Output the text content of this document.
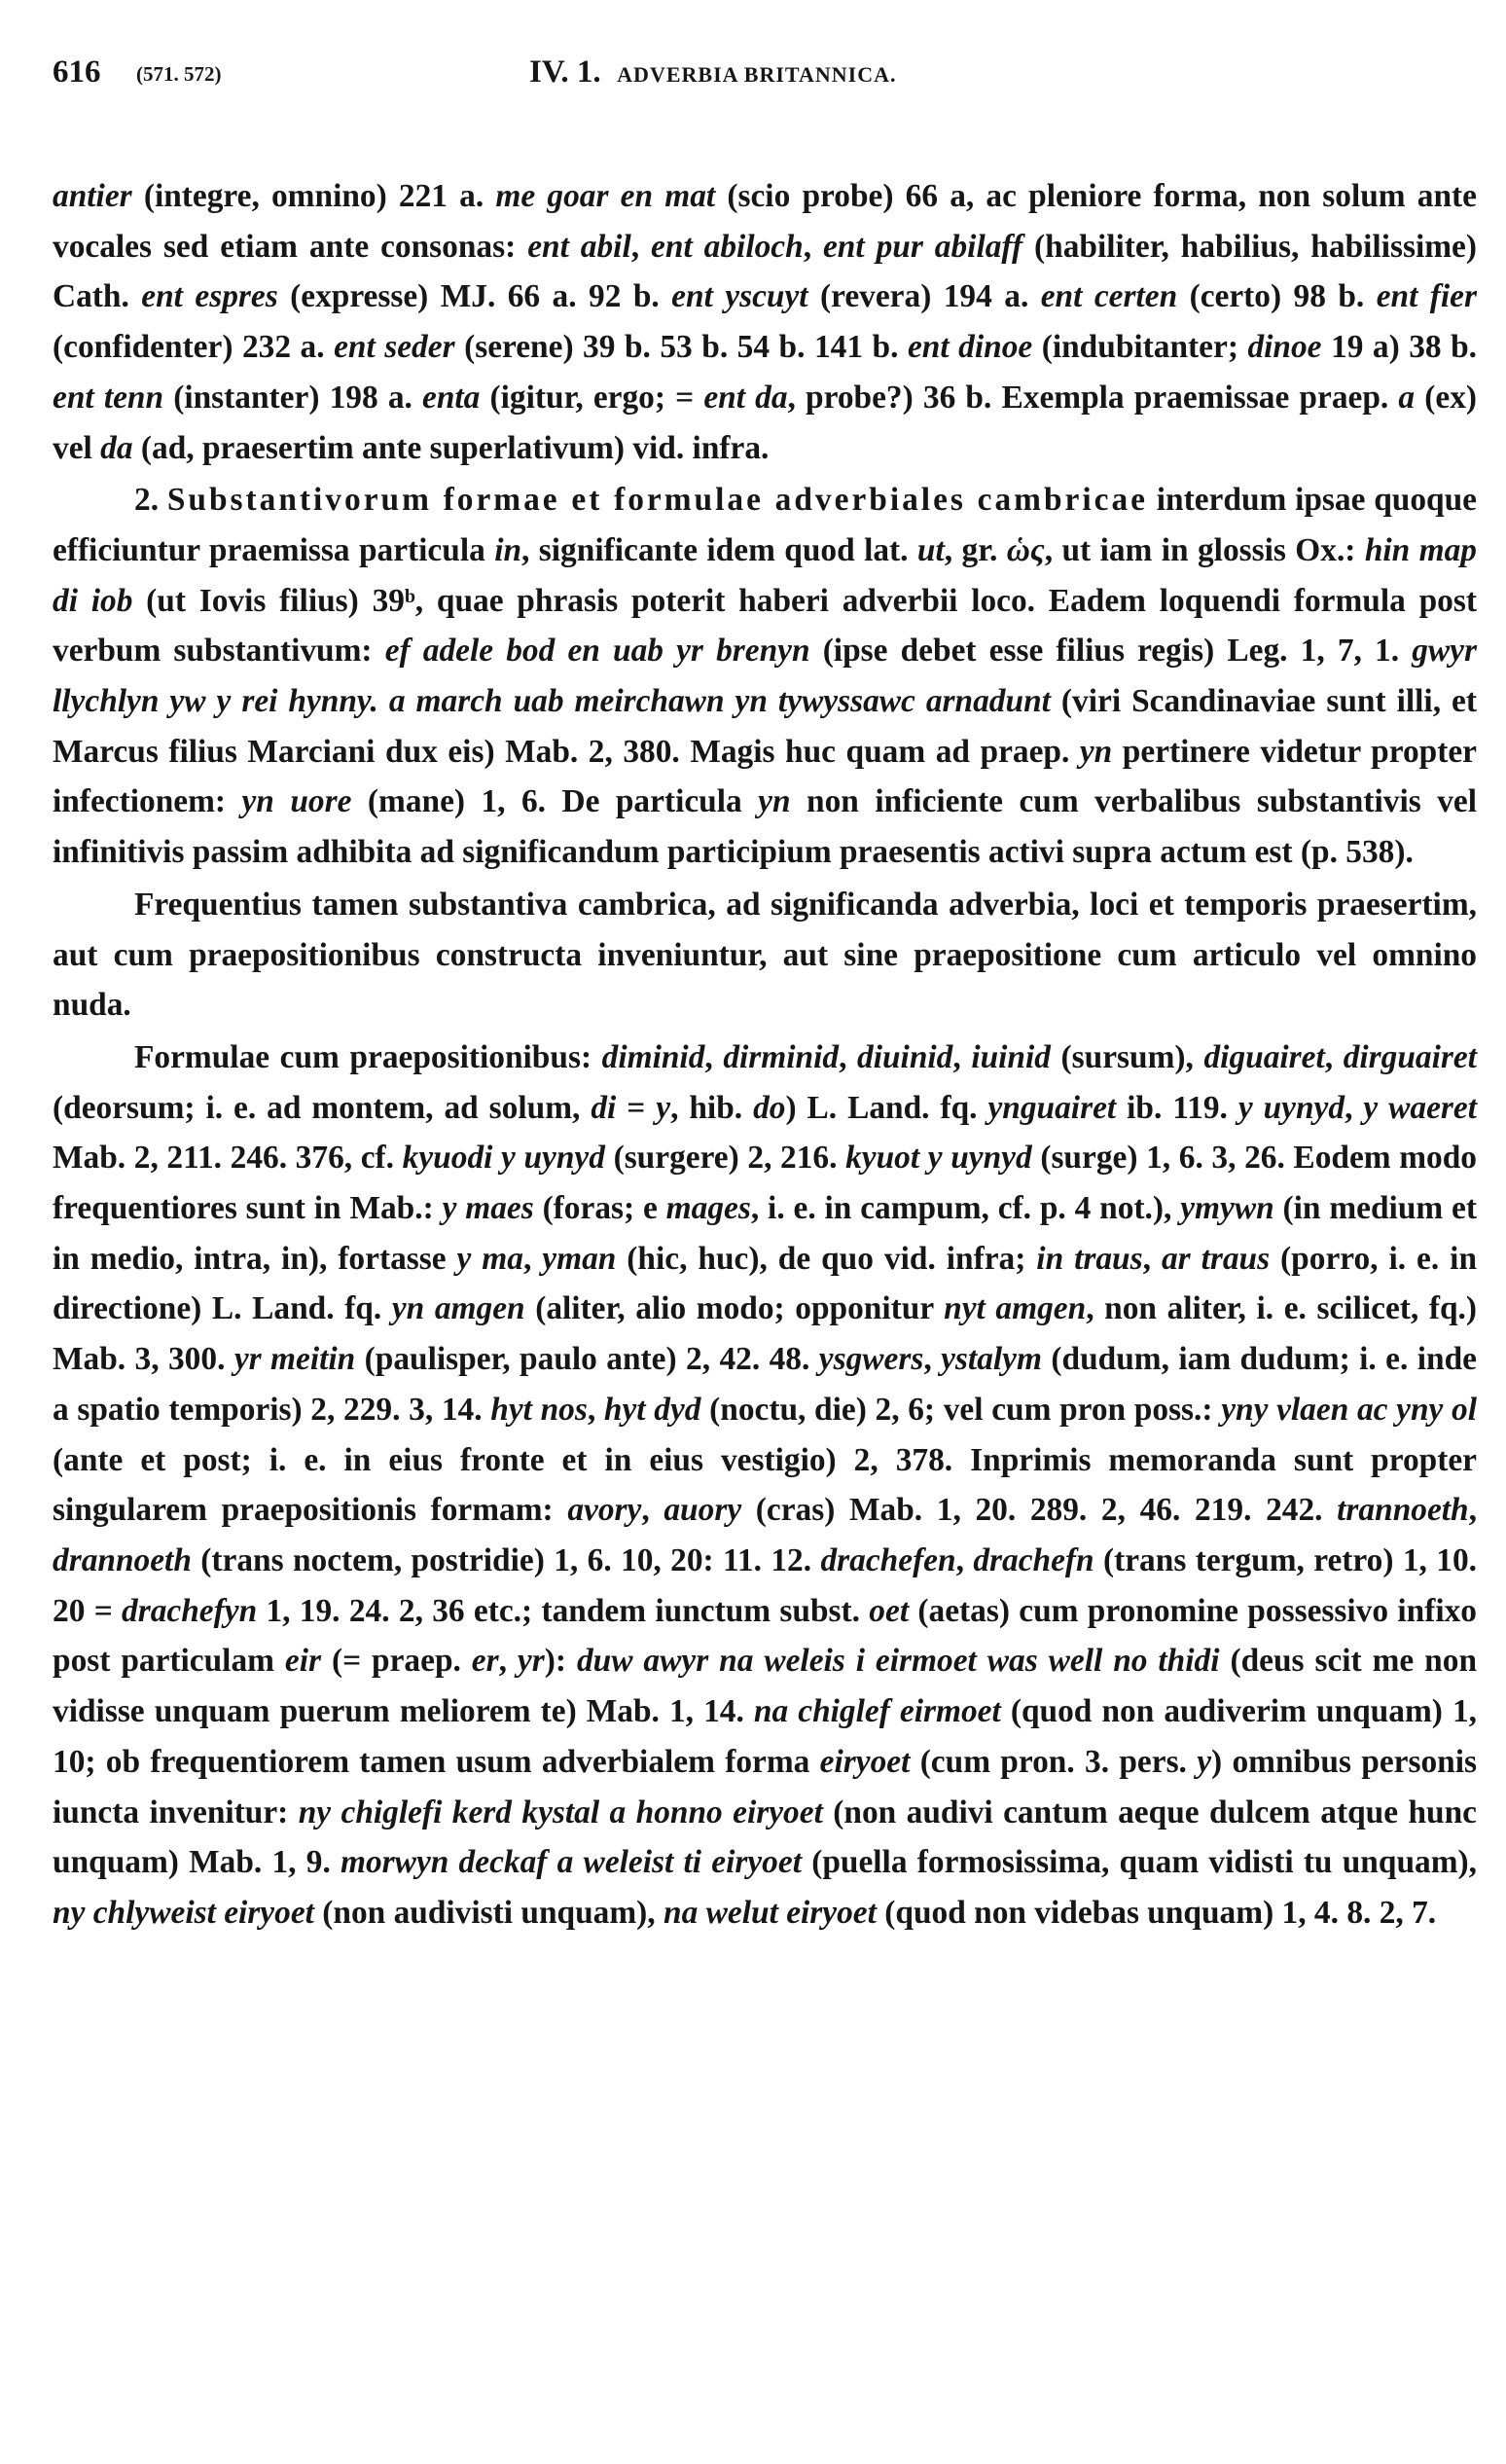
616 (571. 572)	IV. 1. ADVERBIA BRITANNICA.

antier (integre, omnino) 221 a. me goar en mat (scio probe) 66 a, ac pleniore forma, non solum ante vocales sed etiam ante consonas: ent abil, ent abiloch, ent pur abilaff (habiliter, habilius, habilissime) Cath. ent espres (expresse) MJ. 66 a. 92 b. ent yscuyt (revera) 194 a. ent certen (certo) 98 b. ent fier (confidenter) 232 a. ent seder (serene) 39 b. 53 b. 54 b. 141 b. ent dinoe (indubitanter; dinoe 19 a) 38 b. ent tenn (instanter) 198 a. enta (igitur, ergo; = ent da, probe?) 36 b. Exempla praemissae praep. a (ex) vel da (ad, praesertim ante superlativum) vid. infra.

2. Substantivorum formae et formulae adverbiales cambricae interdum ipsae quoque efficiuntur praemissa particula in, significante idem quod lat. ut, gr. ὡς, ut iam in glossis Ox.: hin map di iob (ut Iovis filius) 39ᵇ, quae phrasis poterit haberi adverbii loco. Eadem loquendi formula post verbum substantivum: ef adele bod en uab yr brenyn (ipse debet esse filius regis) Leg. 1, 7, 1. gwyr llychlyn yw y rei hynny. a march uab meirchawn yn tywyssawc arnadunt (viri Scandinaviae sunt illi, et Marcus filius Marciani dux eis) Mab. 2, 380. Magis huc quam ad praep. yn pertinere videtur propter infectionem: yn uore (mane) 1, 6. De particula yn non inficiente cum verbalibus substantivis vel infinitivis passim adhibita ad significandum participium praesentis activi supra actum est (p. 538).

Frequentius tamen substantiva cambrica, ad significanda adverbia, loci et temporis praesertim, aut cum praepositionibus constructa inveniuntur, aut sine praepositione cum articulo vel omnino nuda.

Formulae cum praepositionibus: diminid, dirminid, diuinid, iuinid (sursum), diguairet, dirguairet (deorsum; i. e. ad montem, ad solum, di = y, hib. do) L. Land. fq. ynguairet ib. 119. y uynyd, y waeret Mab. 2, 211. 246. 376, cf. kyuodi y uynyd (surgere) 2, 216. kyuot y uynyd (surge) 1, 6. 3, 26. Eodem modo frequentiores sunt in Mab.: y maes (foras; e mages, i. e. in campum, cf. p. 4 not.), ymywn (in medium et in medio, intra, in), fortasse y ma, yman (hic, huc), de quo vid. infra; in traus, ar traus (porro, i. e. in directione) L. Land. fq. yn amgen (aliter, alio modo; opponitur nyt amgen, non aliter, i. e. scilicet, fq.) Mab. 3, 300. yr meitin (paulisper, paulo ante) 2, 42. 48. ysgwers, ystalym (dudum, iam dudum; i. e. inde a spatio temporis) 2, 229. 3, 14. hyt nos, hyt dyd (noctu, die) 2, 6; vel cum pron poss.: yny vlaen ac yny ol (ante et post; i. e. in eius fronte et in eius vestigio) 2, 378. Inprimis memoranda sunt propter singularem praepositionis formam: avory, auory (cras) Mab. 1, 20. 289. 2, 46. 219. 242. trannoeth, drannoeth (trans noctem, postridie) 1, 6. 10, 20: 11. 12. drachefen, drachefn (trans tergum, retro) 1, 10. 20 = drachefyn 1, 19. 24. 2, 36 etc.; tandem iunctum subst. oet (aetas) cum pronomine possessivo infixo post particulam eir (= praep. er, yr): duw awyr na weleis i eirmoet was well no thidi (deus scit me non vidisse unquam puerum meliorem te) Mab. 1, 14. na chiglef eirmoet (quod non audiverim unquam) 1, 10; ob frequentiorem tamen usum adverbialem forma eiryoet (cum pron. 3. pers. y) omnibus personis iuncta invenitur: ny chiglefi kerd kystal a honno eiryoet (non audivi cantum aeque dulcem atque hunc unquam) Mab. 1, 9. morwyn deckaf a weleist ti eiryoet (puella formosissima, quam vidisti tu unquam), ny chlyweist eiryoet (non audivisti unquam), na welut eiryoet (quod non videbas unquam) 1, 4. 8. 2, 7.
